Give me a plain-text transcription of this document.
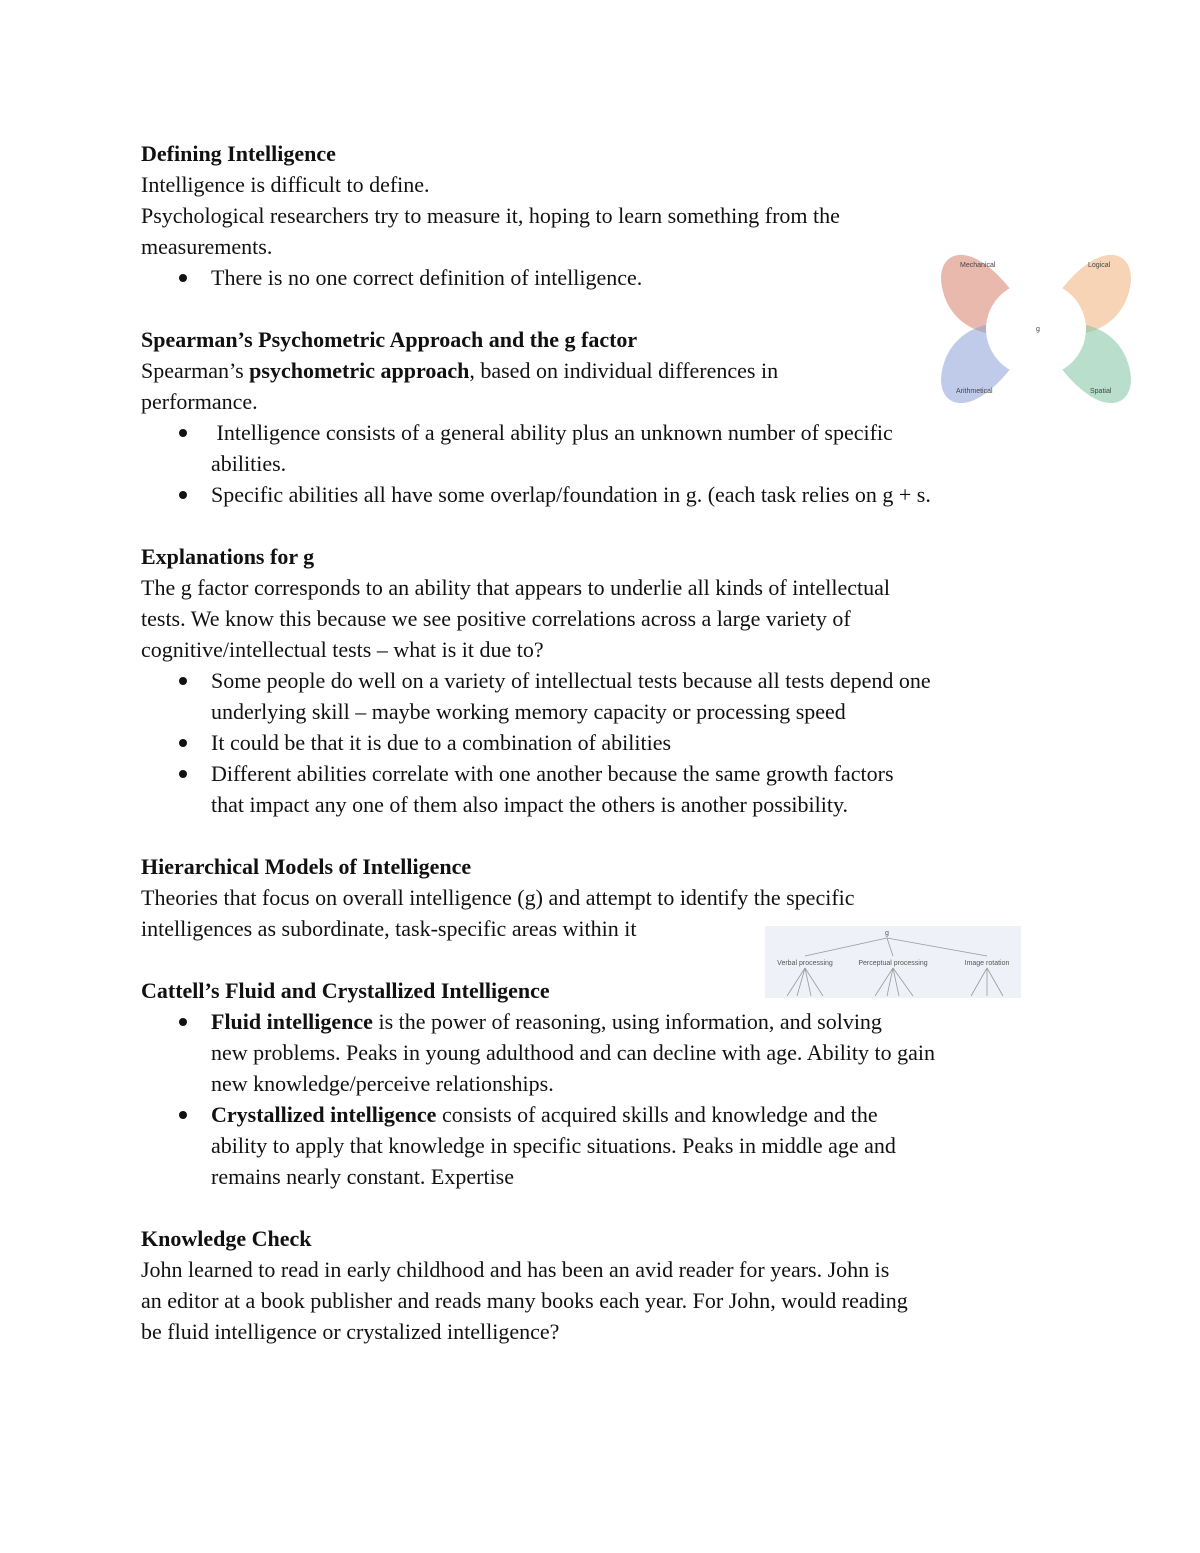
Defining Intelligence

Intelligence is difficult to define.

Psychological researchers try to measure it, hoping to learn something from the

measurements.

There is no one correct definition of intelligence.

Spearman’s Psychometric Approach and the g factor

Spearman’s psychometric approach, based on individual differences in

performance.

Intelligence consists of a general ability plus an unknown number of specific
abilities.
Specific abilities all have some overlap/foundation in g. (each task relies on g + s.

Explanations for g

The g factor corresponds to an ability that appears to underlie all kinds of intellectual

tests. We know this because we see positive correlations across a large variety of

cognitive/intellectual tests – what is it due to?

Some people do well on a variety of intellectual tests because all tests depend one
underlying skill – maybe working memory capacity or processing speed
It could be that it is due to a combination of abilities
Different abilities correlate with one another because the same growth factors
that impact any one of them also impact the others is another possibility.

Hierarchical Models of Intelligence

Theories that focus on overall intelligence (g) and attempt to identify the specific

intelligences as subordinate, task-specific areas within it

Cattell’s Fluid and Crystallized Intelligence

Fluid intelligence is the power of reasoning, using information, and solving
new problems. Peaks in young adulthood and can decline with age. Ability to gain
new knowledge/perceive relationships.
Crystallized intelligence consists of acquired skills and knowledge and the
ability to apply that knowledge in specific situations. Peaks in middle age and
remains nearly constant. Expertise

Knowledge Check

John learned to read in early childhood and has been an avid reader for years. John is

an editor at a book publisher and reads many books each year. For John, would reading

be fluid intelligence or crystalized intelligence?

Mechanical	Logical
Arithmetical	Spatial
g
g
Verbal processing	Perceptual processing	Image rotation
